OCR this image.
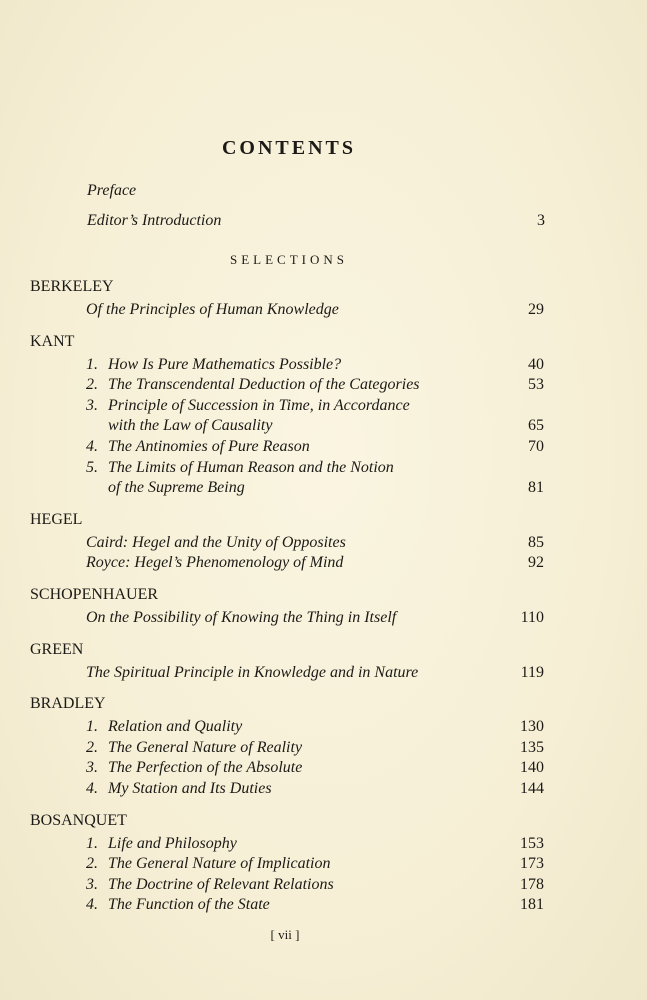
CONTENTS
Preface
Editor’s Introduction	3
SELECTIONS
BERKELEY
Of the Principles of Human Knowledge	29
KANT
1. How Is Pure Mathematics Possible?	40
2. The Transcendental Deduction of the Categories	53
3. Principle of Succession in Time, in Accordance
with the Law of Causality	65
4. The Antinomies of Pure Reason	70
5. The Limits of Human Reason and the Notion
of the Supreme Being	81
HEGEL
Caird: Hegel and the Unity of Opposites	85
Royce: Hegel’s Phenomenology of Mind	92
SCHOPENHAUER
On the Possibility of Knowing the Thing in Itself	110
GREEN
The Spiritual Principle in Knowledge and in Nature	119
BRADLEY
1. Relation and Quality	130
2. The General Nature of Reality	135
3. The Perfection of the Absolute	140
4. My Station and Its Duties	144
BOSANQUET
1. Life and Philosophy	153
2. The General Nature of Implication	173
3. The Doctrine of Relevant Relations	178
4. The Function of the State	181
[ vii ]
